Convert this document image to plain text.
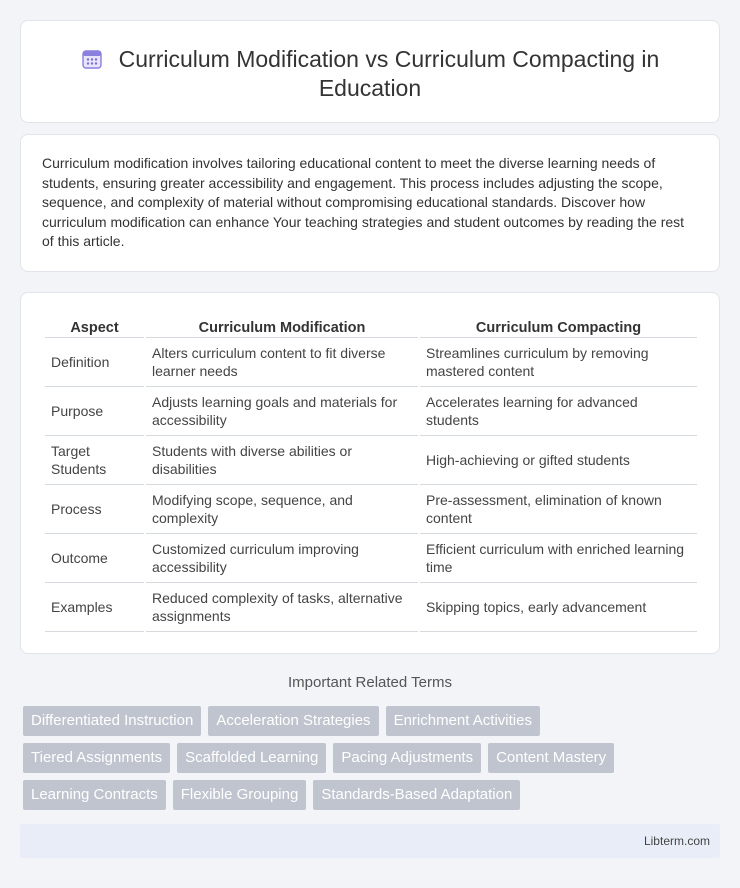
Curriculum Modification vs Curriculum Compacting in Education

Curriculum modification involves tailoring educational content to meet the diverse learning needs of students, ensuring greater accessibility and engagement. This process includes adjusting the scope, sequence, and complexity of material without compromising educational standards. Discover how curriculum modification can enhance Your teaching strategies and student outcomes by reading the rest of this article.

Aspect	Curriculum Modification	Curriculum Compacting
Definition	Alters curriculum content to fit diverse learner needs	Streamlines curriculum by removing mastered content
Purpose	Adjusts learning goals and materials for accessibility	Accelerates learning for advanced students
Target Students	Students with diverse abilities or disabilities	High-achieving or gifted students
Process	Modifying scope, sequence, and complexity	Pre-assessment, elimination of known content
Outcome	Customized curriculum improving accessibility	Efficient curriculum with enriched learning time
Examples	Reduced complexity of tasks, alternative assignments	Skipping topics, early advancement
Important Related Terms
Differentiated Instruction	Acceleration Strategies	Enrichment Activities
Tiered Assignments	Scaffolded Learning	Pacing Adjustments	Content Mastery
Learning Contracts	Flexible Grouping	Standards-Based Adaptation
Libterm.com
